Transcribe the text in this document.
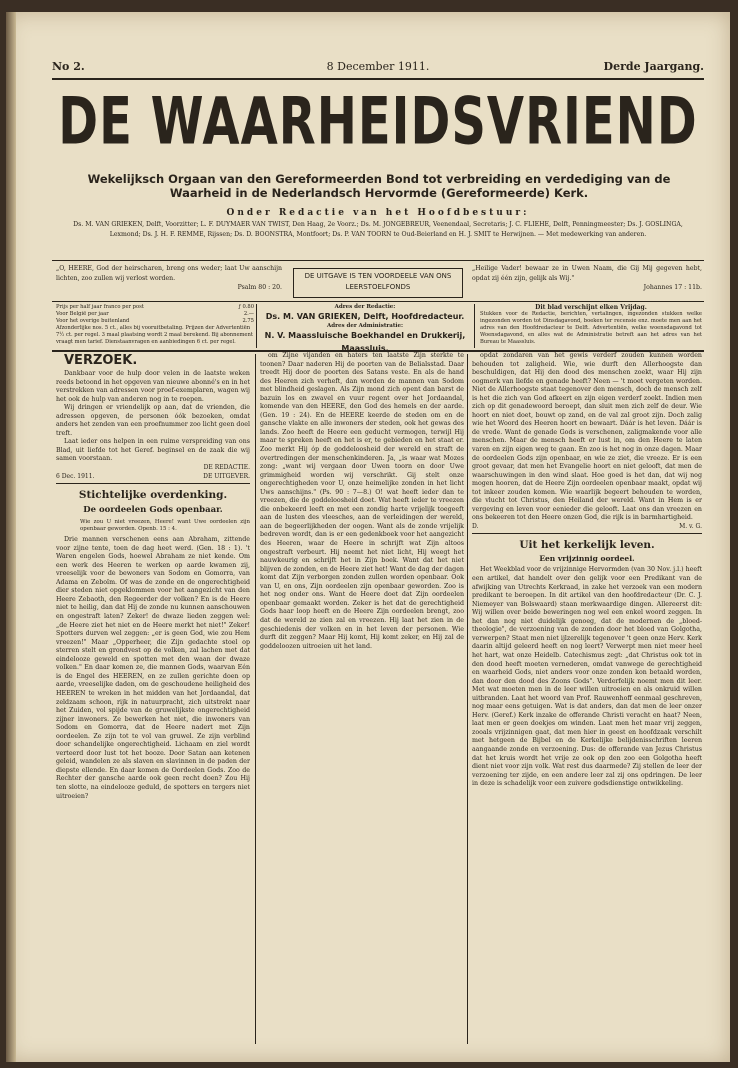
No 2.	8 December 1911.	Derde Jaargang.
DE WAARHEIDSVRIEND
Wekelijksch Orgaan van den Gereformeerden Bond tot verbreiding en verdediging van de Waarheid in de Nederlandsch Hervormde (Gereformeerde) Kerk.
Onder Redactie van het Hoofdbestuur:
Ds. M. VAN GRIEKEN, Delft, Voorzitter; L. F. DUYMAER VAN TWIST, Den Haag, 2e Voorz.; Ds. M. JONGEBREUR, Veenendaal, Secretaris; J. C. FLIEHE, Delft, Penningmeester; Ds. J. GOSLINGA, Lexmond; Ds. J. H. F. REMME, Rijssen; Ds. D. BOONSTRA, Montfoort; Ds. P. VAN TOORN te Oud-Beierland en H. J. SMIT te Herwijnen. — Met medewerking van anderen.
„O, HEERE, God der heirscharen, breng ons weder; laat Uw aanschijn lichten, zoo zullen wij verlost worden.
Psalm 80 : 20.
DE UITGAVE IS TEN VOORDEELE VAN ONS LEERSTOELFONDS
„Heilige Vader! bewaar ze in Uwen Naam, die Gij Mij gegeven hebt, opdat zij één zijn, gelijk als Wij."
Johannes 17 : 11b.
Prijs per half jaar franco per post	ƒ 0.80
Voor België per jaar	2.—
Voor het overige buitenland	2.75
Afzonderlijke nos. 5 ct., alles bij vooruitbetaling. Prijzen der Advertentiën 7½ ct. per regel. 3 maal plaatsing wordt 2 maal berekend. Bij abonnement vraagt men tarief. Dienstaanvragen en aanbiedingen 6 ct. per regel.
Adres der Redactie:
Ds. M. VAN GRIEKEN, Delft, Hoofdredacteur.
Adres der Administratie:
N. V. Maassluische Boekhandel en Drukkerij, Maassluis.
Dit blad verschijnt elken Vrijdag.
Stukken voor de Redactie, berichten, vertalingen, ingezonden stukken welke ingezonden worden tot Dinsdagavond, boeken ter recensie enz. moete men aan het adres van den Hoofdredacteur te Delft. Advertentiën, welke woensdagavond tot Woensdagavond, en alles wat de Administratie betreft aan het adres van het Bureau te Maassluis.

VERZOEK.

Dankbaar voor de hulp door velen in de laatste weken reeds betoond in het opgeven van nieuwe abonné's en in het verstrekken van adressen voor proef-exemplaren, wagen wij het ook de hulp van anderen nog in te roepen.

Wij dringen er vriendelijk op aan, dat de vrienden, die adressen opgeven, de personen óók bezoeken, omdat anders het zenden van een proefnummer zoo licht geen doel treft.

Laat ieder ons helpen in een ruime verspreiding van ons Blad, uit liefde tot het Geref. beginsel en de zaak die wij samen voorstaan.

DE REDACTIE.
6 Dec. 1911.	DE UITGEVER.
Stichtelijke overdenking.
De oordeelen Gods openbaar.
Wie zou U niet vreezen, Heere! want Uwe oordeelen zijn openbaar geworden. Openb. 15 : 4.

Drie mannen verschenen eens aan Abraham, zittende voor zijne tente, toen de dag heet werd. (Gen. 18 : 1). 't Waren engelen Gods, hoewel Abraham ze niet kende. Om een werk des Heeren te werken op aarde kwamen zij, vreeselijk voor de bewoners van Sodom en Gomorra, van Adama en Zeboïm. Of was de zonde en de ongerechtigheid dier steden niet opgeklommen voor het aangezicht van den Heere Zebaoth, den Regeerder der volken? En is de Heere niet te heilig, dan dat Hij de zonde nu kunnen aanschouwen en ongestraft laten? Zeker! de dwaze lieden zeggen wel: „de Heere ziet het niet en de Heere merkt het niet!" Zeker! Spotters durven wel zeggen: „er is geen God, wie zou Hem vreezen!" Maar „Opperheer, die Zijn gedachte stoel op sterren stelt en grondvest op de volken, zal lachen met dat eindelooze geweld en spotten met den waan der dwaze volken." En daar komen ze, die mannen Gods, waarvan Eén is de Engel des HEEREN, en ze zullen gerichte doen op aarde, vreeselijke daden, om de geschoudene heiligheid des HEEREN te wreken in het midden van het Jordaandal, dat zeldzaam schoon, rijk in natuurpracht, zich uitstrekt naar het Zuiden, vol spijde van de gruwelijkste ongerechtigheid zijner inwoners. Ze bewerken het niet, die inwoners van Sodom en Gomorra, dat de Heere nadert met Zijn oordeelen. Ze zijn tot te vol van gruwel. Ze zijn verblind door schandelijke ongerechtigheid. Lichaam en ziel wordt verteerd door lust tot het booze. Door Satan aan ketenen geleid, wandelen ze als slaven en slavinnen in de paden der diepste ellende. En daar komen de Oordeelen Gods. Zoo de Rechter der gansche aarde ook geen recht doen? Zou Hij ten slotte, na eindelooze geduld, de spotters en tergers niet uitroeien?

om Zijne vijanden en haters ten laatste Zijn sterkte te toonen? Daar naderen Hij de poorten van de Belialsstad. Daar treedt Hij door de poorten des Satans veste. En als de hand des Heeren zich verheft, dan worden de mannen van Sodom met blindheid geslagen. Als Zijn mond zich opent dan barst de bazuin los en zwavel en vuur regent over het Jordaandal, komende van den HEERE, den God des hemels en der aarde. (Gen. 19 : 24). En de HEERE keerde de steden om en de gansche vlakte en alle inwoners der steden, ook het gewas des lands. Zoo heeft de Heere een geducht vermogen, terwijl Hij maar te spreken heeft en het is er, te gebieden en het staat er. Zoo merkt Hij óp de goddeloosheid der wereld en straft de overtredingen der menschenkinderen. Ja, „is waar wat Mozes zong: „want wij vergaan door Uwen toorn en door Uwe grimmigheid worden wij verschrikt. Gij stelt onze ongerechtigheden voor U, onze heimelijke zonden in het licht Uws aanschijns." (Ps. 90 : 7—8.) O! wat heeft ieder dan te vreezen, die de goddeloosheid doet. Wat heeft ieder te vreezen die onbekeerd leeft en met een zondig harte vrijelijk toegeeft aan de lusten des vleesches, aan de verleidingen der wereld, aan de begeerlijkheden der oogen. Want als de zonde vrijelijk bedreven wordt, dan is er een gedenkboek voor het aangezicht des Heeren, waar de Heere in schrijft wat Zijn altoos ongestraft verbeurt. Hij neemt het niet licht, Hij weegt het nauwkeurig en schrijft het in Zijn boek. Want dat het niet blijven de zonden, en de Heere ziet het! Want de dag der dagen komt dat Zijn verborgen zonden zullen worden openbaar. Ook van U, en ons, Zijn oordeelen zijn openbaar geworden. Zoo is het nog onder ons. Want de Heere doet dat Zijn oordeelen openbaar gemaakt worden. Zeker is het dat de gerechtigheid Gods haar loop heeft en de Heere Zijn oordeelen brengt, zoo dat de wereld ze zien zal en vreezen. Hij laat het zien in de geschiedenis der volken en in het leven der personen. Wie durft dit zeggen? Maar Hij komt, Hij komt zeker, en Hij zal de goddeloozen uitroeien uit het land.

opdat zondaren van het gewis verderf zouden kunnen worden behouden tot zaligheid. Wie, wie durft den Allerhoogste dan beschuldigen, dat Hij den dood des menschen zoekt, waar Hij zijn oogmerk van liefde en genade heeft? Neen — 't moet vergeten worden. Niet de Allerhoogste staat tegenover den mensch, doch de mensch zelf is het die zich van God afkeert en zijn eigen verderf zoekt. Indien men zich op dit genadewoord beroept, dan sluit men zich zelf de deur. Wie hoort en niet doet, bouwt op zand, en de val zal groot zijn. Doch zalig wie het Woord des Heeren hoort en bewaart. Dáár is het leven. Dáár is de vrede. Want de genade Gods is verschenen, zaligmakende voor alle menschen. Maar de mensch heeft er lust in, om den Heere te laten varen en zijn eigen weg te gaan. En zoo is het nog in onze dagen. Maar de oordeelen Gods zijn openbaar, en wie ze ziet, die vreeze. Er is een groot gevaar, dat men het Evangelie hoort en niet gelooft, dat men de waarschuwingen in den wind slaat. Hoe goed is het dan, dat wij nog mogen hooren, dat de Heere Zijn oordeelen openbaar maakt, opdat wij tot inkeer zouden komen. Wie waarlijk begeert behouden te worden, die vlucht tot Christus, den Heiland der wereld. Want in Hem is er vergeving en leven voor eenieder die gelooft. Laat ons dan vreezen en ons bekeeren tot den Heere onzen God, die rijk is in barmhartigheid.

D.	M. v. G.
Uit het kerkelijk leven.
Een vrijzinnig oordeel.

Het Weekblad voor de vrijzinnige Hervormden (van 30 Nov. j.l.) heeft een artikel, dat handelt over den gelijk voor een Predikant van de afwijking van Utrechts Kerkraad, in zake het verzoek van een modern predikant te beroepen. In dit artikel van den hoofdredacteur (Dr. C. J. Niemeyer van Bolswaard) staan merkwaardige dingen. Allereerst dit: Wij willen over beide beweringen nog wel een enkel woord zeggen. In het dan nog niet duidelijk genoeg, dat de modernen de „bloed-theologie", de verzoening van de zonden door het bloed van Golgotha, verwerpen? Staat men niet ijlzerelijk tegenover 't geen onze Herv. Kerk daarin altijd geleerd heeft en nog leert? Verwerpt men niet meer heel het hart, wat onze Heidelb. Catechismus zegt: „dat Christus ook tot in den dood heeft moeten vernederen, omdat vanwege de gerechtigheid en waarheid Gods, niet anders voor onze zonden kon betaald worden, dan door den dood des Zoons Gods". Verderfelijk noemt men dit leer. Met wat moeten men in de leer willen uitroeien en als onkruid willen uitbranden. Laat het woord van Prof. Rauwenhoff eenmaal geschreven, nog maar eens getuigen. Wat is dat anders, dan dat men de leer onzer Herv. (Geref.) Kerk inzake de offerande Christi veracht en haat? Neen, laat men er geen doekjes om winden. Laat men het maar vrij zeggen, zooals vrijzinnigen gaat, dat men hier in geest en hoofdzaak verschilt met hetgeen de Bijbel en de Kerkelijke belijdenisschriften leeren aangaande zonde en verzoening. Dus: de offerande van Jezus Christus dat het kruis wordt het vrije ze ook op den zoo een Golgotha heeft dient niet voor zijn volk. Wat rest dus daarmede? Zij stellen de leer der verzoening ter zijde, en een andere leer zal zij ons opdringen. De leer in deze is schadelijk voor een zuivere godsdienstige ontwikkeling.
